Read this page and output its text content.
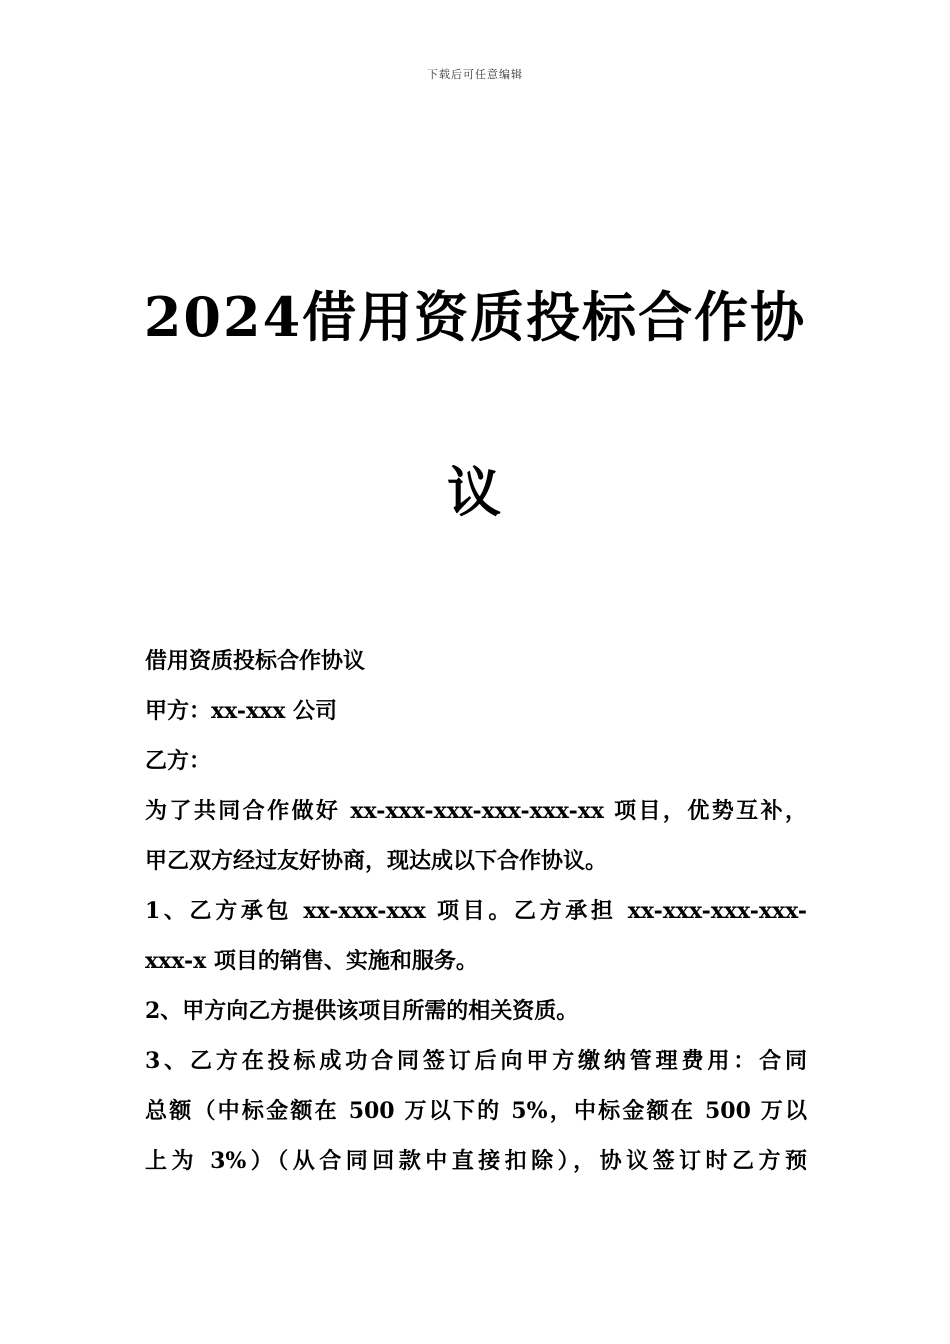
下载后可任意编辑
2024借用资质投标合作协
议
借用资质投标合作协议
甲方：xx-xxx 公司
乙方：
为了共同合作做好 xx-xxx-xxx-xxx-xxx-xx 项目，优势互补，
甲乙双方经过友好协商，现达成以下合作协议。
1、乙方承包 xx-xxx-xxx 项目。乙方承担 xx-xxx-xxx-xxx-
xxx-x 项目的销售、实施和服务。
2、甲方向乙方提供该项目所需的相关资质。
3、乙方在投标成功合同签订后向甲方缴纳管理费用：合同
总额（中标金额在 500 万以下的 5%，中标金额在 500 万以
上为 3%）（从合同回款中直接扣除），协议签订时乙方预
